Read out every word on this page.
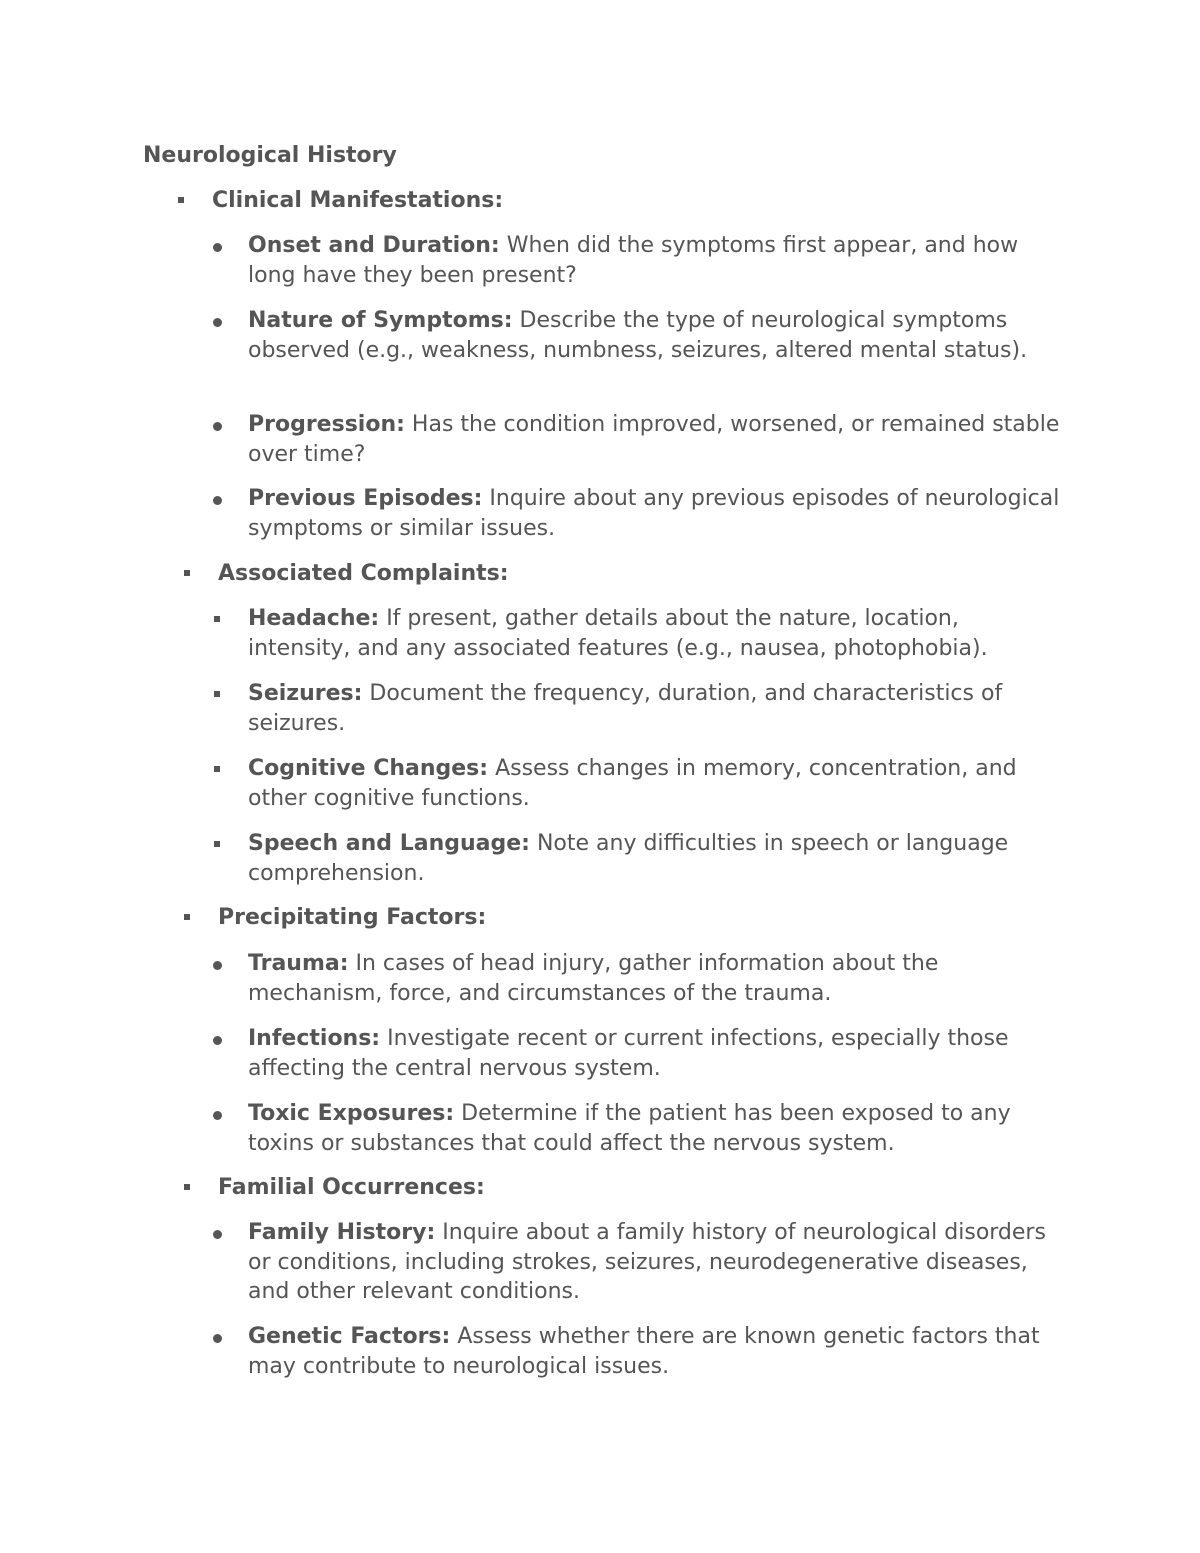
Neurological History
Clinical Manifestations:
Onset and Duration: When did the symptoms first appear, and how long have they been present?
Nature of Symptoms: Describe the type of neurological symptoms observed (e.g., weakness, numbness, seizures, altered mental status).
Progression: Has the condition improved, worsened, or remained stable over time?
Previous Episodes: Inquire about any previous episodes of neurological symptoms or similar issues.
Associated Complaints:
Headache: If present, gather details about the nature, location, intensity, and any associated features (e.g., nausea, photophobia).
Seizures: Document the frequency, duration, and characteristics of seizures.
Cognitive Changes: Assess changes in memory, concentration, and other cognitive functions.
Speech and Language: Note any difficulties in speech or language comprehension.
Precipitating Factors:
Trauma: In cases of head injury, gather information about the mechanism, force, and circumstances of the trauma.
Infections: Investigate recent or current infections, especially those affecting the central nervous system.
Toxic Exposures: Determine if the patient has been exposed to any toxins or substances that could affect the nervous system.
Familial Occurrences:
Family History: Inquire about a family history of neurological disorders or conditions, including strokes, seizures, neurodegenerative diseases, and other relevant conditions.
Genetic Factors: Assess whether there are known genetic factors that may contribute to neurological issues.
